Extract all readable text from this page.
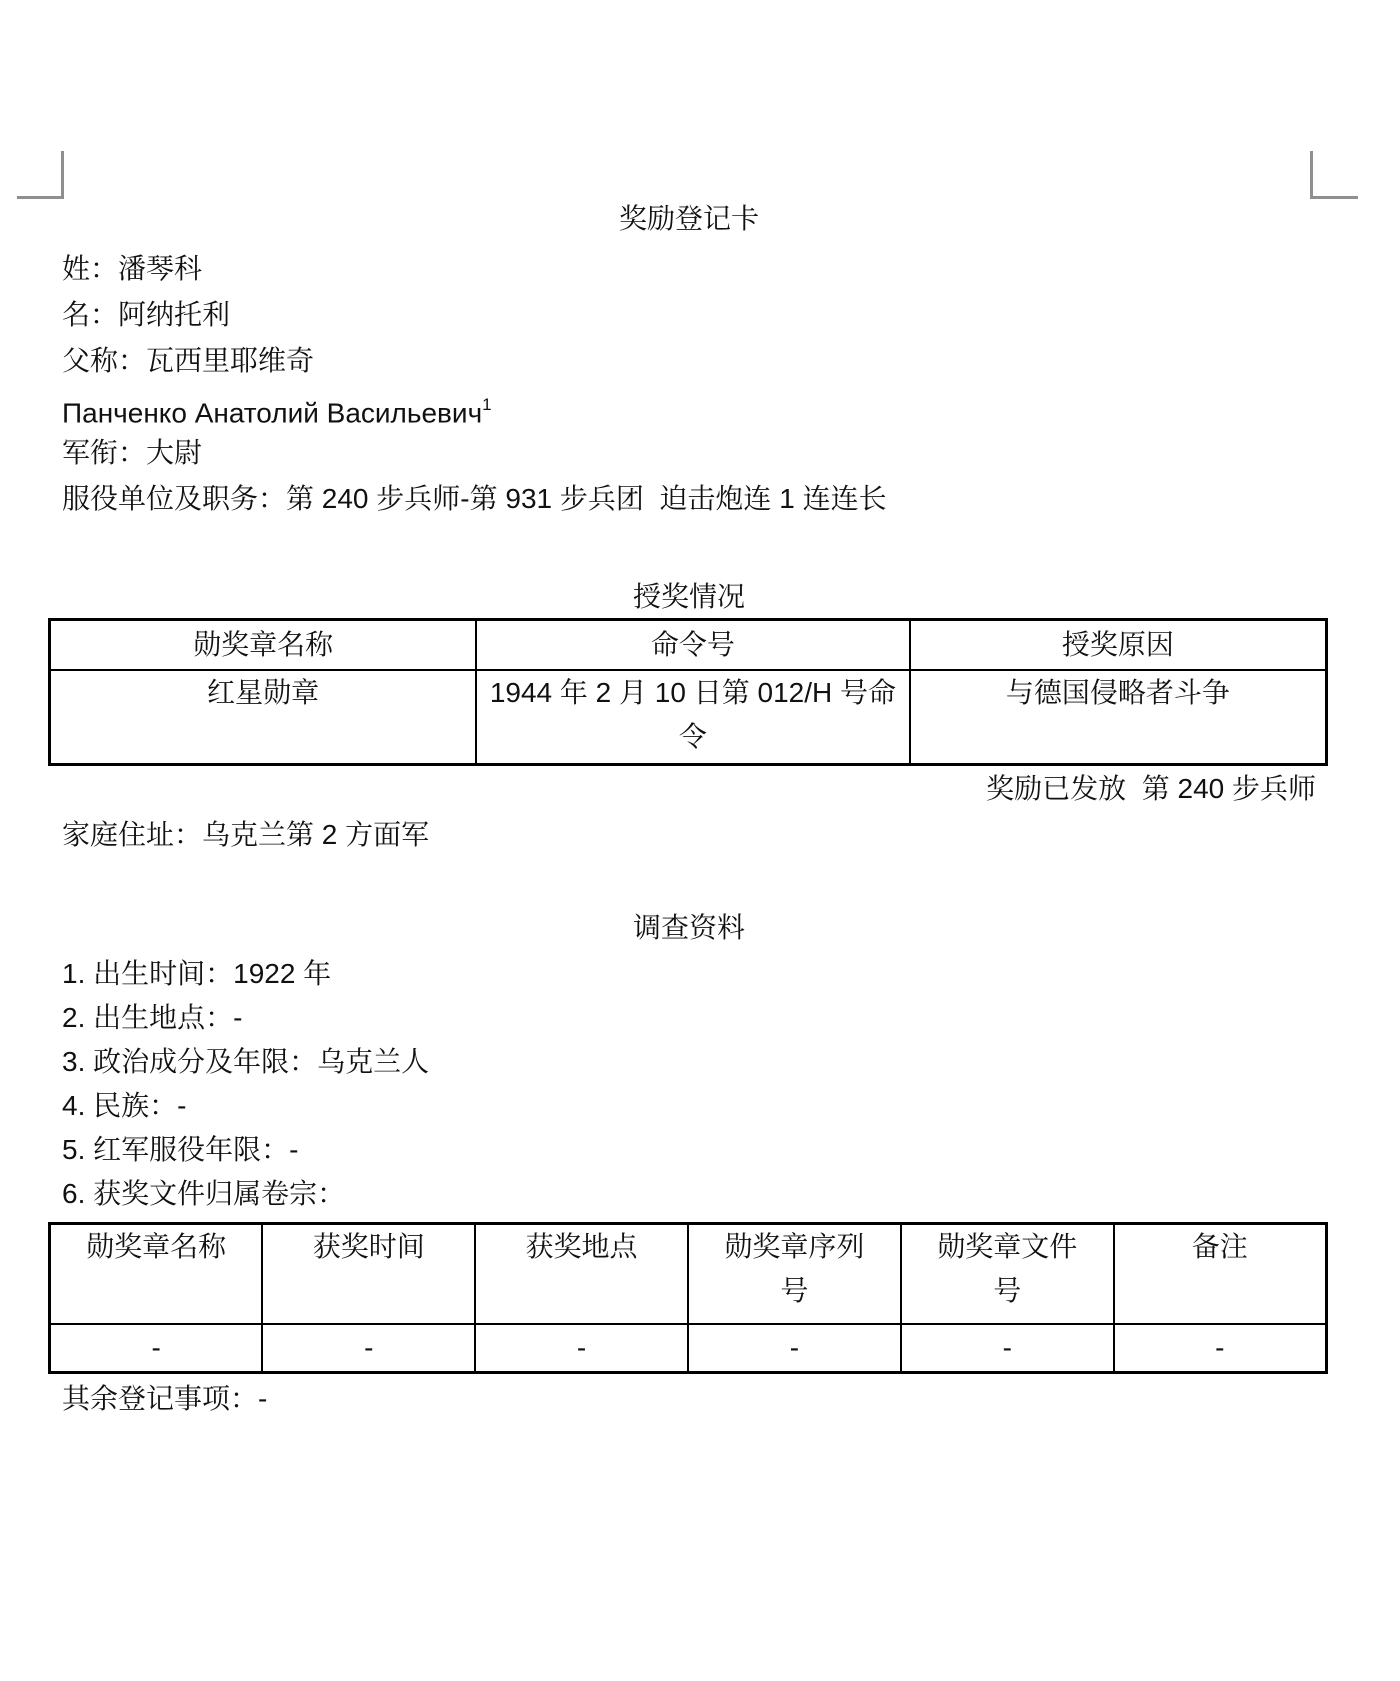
奖励登记卡
姓：潘琴科
名：阿纳托利
父称：瓦西里耶维奇
Панченко Анатолий Васильевич$^1$
军衔：大尉
服役单位及职务：第 240 步兵师-第 931 步兵团  迫击炮连 1 连连长
授奖情况
勋奖章名称	命令号	授奖原因
红星勋章	1944 年 2 月 10 日第 012/H 号命令	与德国侵略者斗争
奖励已发放  第 240 步兵师
家庭住址：乌克兰第 2 方面军
调查资料
1. 出生时间：1922 年
2. 出生地点：-
3. 政治成分及年限：乌克兰人
4. 民族：-
5. 红军服役年限：-
6. 获奖文件归属卷宗：
勋奖章名称	获奖时间	获奖地点	勋奖章序列号	勋奖章文件号	备注

-	-	-	-	-	-
其余登记事项：-
